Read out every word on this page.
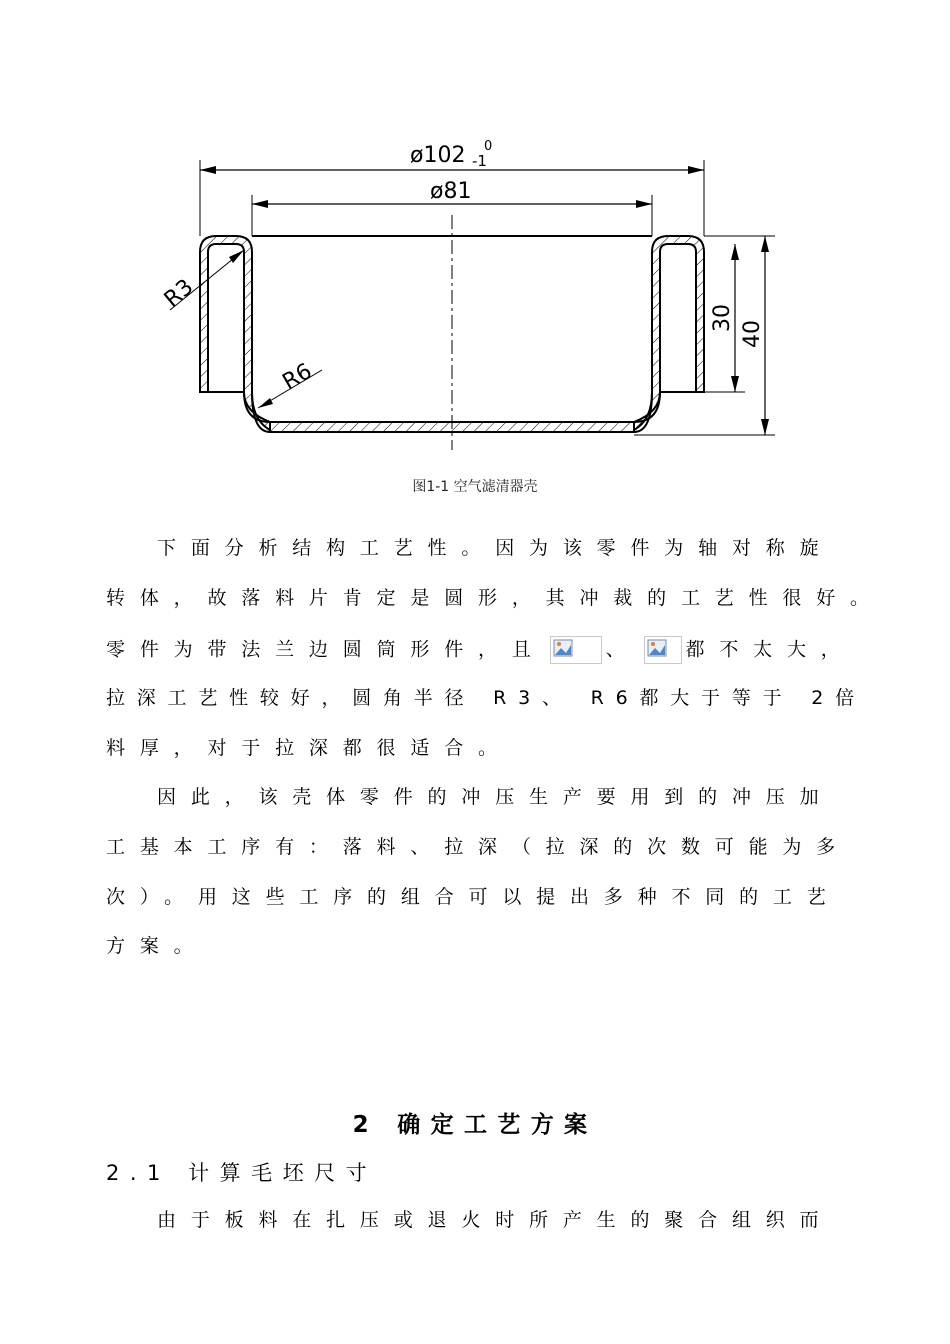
ø102 0
-1
ø81
R3
R6
30
40
图1-1 空气滤清器壳
下面分析结构工艺性。因为该零件为轴对称旋
转体，故落料片肯定是圆形，其冲裁的工艺性很好。
零件为带法兰边圆筒形件，且	、 都不太大，
拉深工艺性较好，圆角半径 R3、 R6都大于等于 2倍
料厚，对于拉深都很适合。
因此，该壳体零件的冲压生产要用到的冲压加
工基本工序有：落料、拉深（拉深的次数可能为多
次）。用这些工序的组合可以提出多种不同的工艺
方案。
2 确定工艺方案
2.1 计算毛坯尺寸
由于板料在扎压或退火时所产生的聚合组织而
